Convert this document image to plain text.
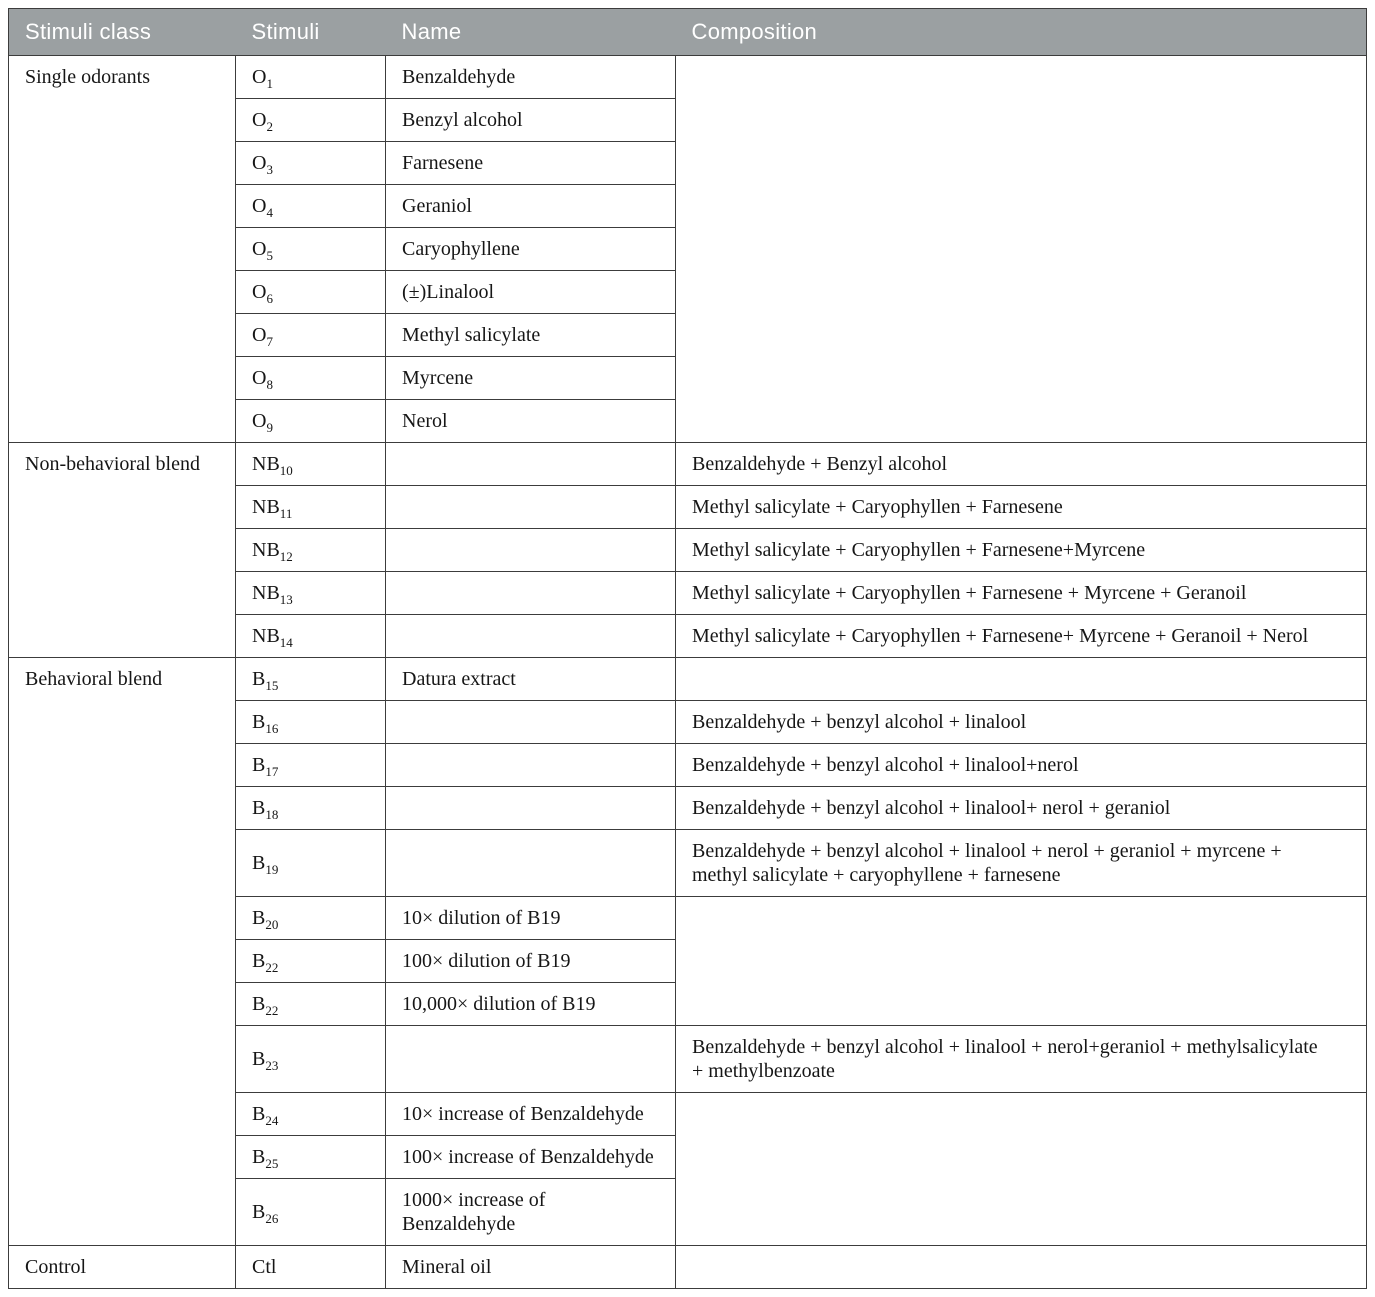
Stimuli class	Stimuli	Name	Composition
Single odorants	$O_1$	Benzaldehyde	
	$O_2$	Benzyl alcohol	
	$O_3$	Farnesene	
	$O_4$	Geraniol	
	$O_5$	Caryophyllene	
	$O_6$	(±)Linalool	
	$O_7$	Methyl salicylate	
	$O_8$	Myrcene	
	$O_9$	Nerol	
Non-behavioral blend	$NB_{10}$		Benzaldehyde + Benzyl alcohol
	$NB_{11}$		Methyl salicylate + Caryophyllen + Farnesene
	$NB_{12}$		Methyl salicylate + Caryophyllen + Farnesene+Myrcene
	$NB_{13}$		Methyl salicylate + Caryophyllen + Farnesene + Myrcene + Geranoil
	$NB_{14}$		Methyl salicylate + Caryophyllen + Farnesene+ Myrcene + Geranoil + Nerol
Behavioral blend	$B_{15}$	Datura extract	
	$B_{16}$		Benzaldehyde + benzyl alcohol + linalool
	$B_{17}$		Benzaldehyde + benzyl alcohol + linalool+nerol
	$B_{18}$		Benzaldehyde + benzyl alcohol + linalool+ nerol + geraniol
	$B_{19}$		Benzaldehyde + benzyl alcohol + linalool + nerol + geraniol + myrcene + methyl salicylate + caryophyllene + farnesene
	$B_{20}$	10× dilution of B19	
	$B_{22}$	100× dilution of B19	
	$B_{22}$	10,000× dilution of B19	
	$B_{23}$		Benzaldehyde + benzyl alcohol + linalool + nerol+geraniol + methylsalicylate + methylbenzoate
	$B_{24}$	10× increase of Benzaldehyde	
	$B_{25}$	100× increase of Benzaldehyde	
	$B_{26}$	1000× increase of Benzaldehyde	
Control	Ctl	Mineral oil	
